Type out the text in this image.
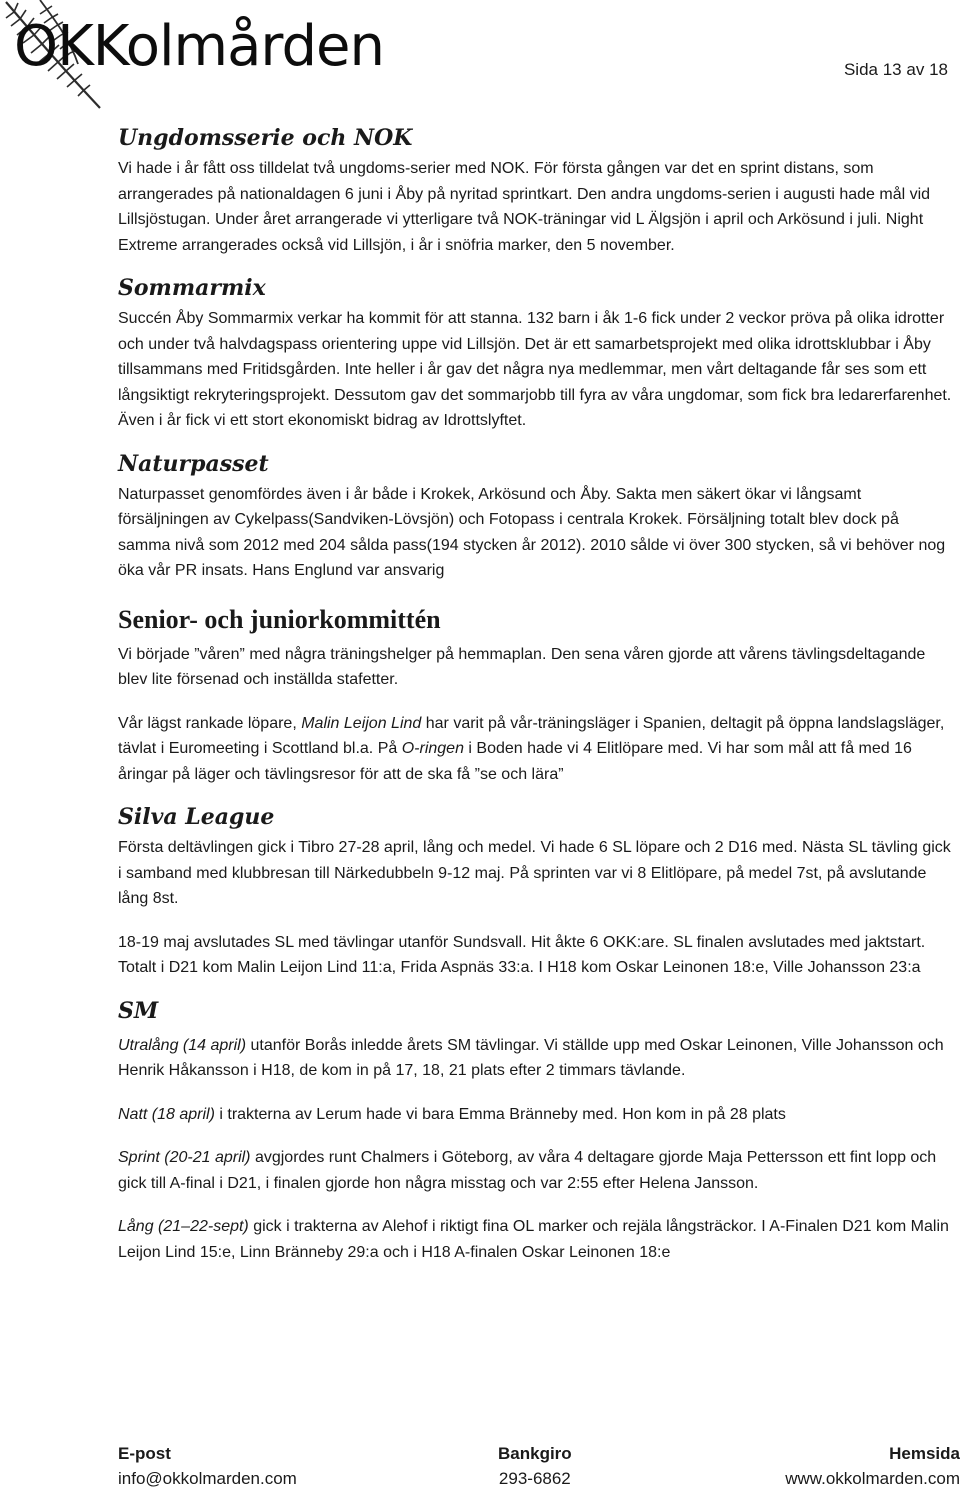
OKKolmården	Sida 13 av 18
Ungdomsserie och NOK

Vi hade i år fått oss tilldelat två ungdoms-serier med NOK. För första gången var det en sprint distans, som arrangerades på nationaldagen 6 juni i Åby på nyritad sprintkart. Den andra ungdoms-serien i augusti hade mål vid Lillsjöstugan. Under året arrangerade vi ytterligare två NOK-träningar vid L Älgsjön i april och Arkösund i juli. Night Extreme arrangerades också vid Lillsjön, i år i snöfria marker, den 5 november.

Sommarmix

Succén Åby Sommarmix verkar ha kommit för att stanna. 132 barn i åk 1-6 fick under 2 veckor pröva på olika idrotter och under två halvdagspass orientering uppe vid Lillsjön. Det är ett samarbetsprojekt med olika idrottsklubbar i Åby tillsammans med Fritidsgården. Inte heller i år gav det några nya medlemmar, men vårt deltagande får ses som ett långsiktigt rekryteringsprojekt. Dessutom gav det sommarjobb till fyra av våra ungdomar, som fick bra ledarerfarenhet. Även i år fick vi ett stort ekonomiskt bidrag av Idrottslyftet.

Naturpasset

Naturpasset genomfördes även i år både i Krokek, Arkösund och Åby. Sakta men säkert ökar vi långsamt försäljningen av Cykelpass(Sandviken-Lövsjön) och Fotopass i centrala Krokek. Försäljning totalt blev dock på samma nivå som 2012 med 204 sålda pass(194 stycken år 2012). 2010 sålde vi över 300 stycken, så vi behöver nog öka vår PR insats. Hans Englund var ansvarig

Senior- och juniorkommittén

Vi började ”våren” med några träningshelger på hemmaplan. Den sena våren gjorde att vårens tävlingsdeltagande blev lite försenad och inställda stafetter.

Vår lägst rankade löpare, Malin Leijon Lind har varit på vår-träningsläger i Spanien, deltagit på öppna landslagsläger, tävlat i Euromeeting i Scottland bl.a. På O-ringen i Boden hade vi 4 Elitlöpare med. Vi har som mål att få med 16 åringar på läger och tävlingsresor för att de ska få ”se och lära”

Silva League

Första deltävlingen gick i Tibro 27-28 april, lång och medel. Vi hade 6 SL löpare och 2 D16 med. Nästa SL tävling gick i samband med klubbresan till Närkedubbeln 9-12 maj. På sprinten var vi 8 Elitlöpare, på medel 7st, på avslutande lång 8st.

18-19 maj avslutades SL med tävlingar utanför Sundsvall. Hit åkte 6 OKK:are. SL finalen avslutades med jaktstart. Totalt i D21 kom Malin Leijon Lind 11:a, Frida Aspnäs 33:a. I H18 kom Oskar Leinonen 18:e, Ville Johansson 23:a

SM

Utralång (14 april) utanför Borås inledde årets SM tävlingar. Vi ställde upp med Oskar Leinonen, Ville Johansson och Henrik Håkansson i H18, de kom in på 17, 18, 21 plats efter 2 timmars tävlande.

Natt (18 april) i trakterna av Lerum hade vi bara Emma Bränneby med. Hon kom in på 28 plats

Sprint (20-21 april) avgjordes runt Chalmers i Göteborg, av våra 4 deltagare gjorde Maja Pettersson ett fint lopp och gick till A-final i D21, i finalen gjorde hon några misstag och var 2:55 efter Helena Jansson.

Lång (21–22-sept) gick i trakterna av Alehof i riktigt fina OL marker och rejäla långsträckor. I A-Finalen D21 kom Malin Leijon Lind 15:e, Linn Bränneby 29:a och i H18 A-finalen Oskar Leinonen 18:e

E-post
info@okkolmarden.com
Bankgiro
293-6862
Hemsida
www.okkolmarden.com
